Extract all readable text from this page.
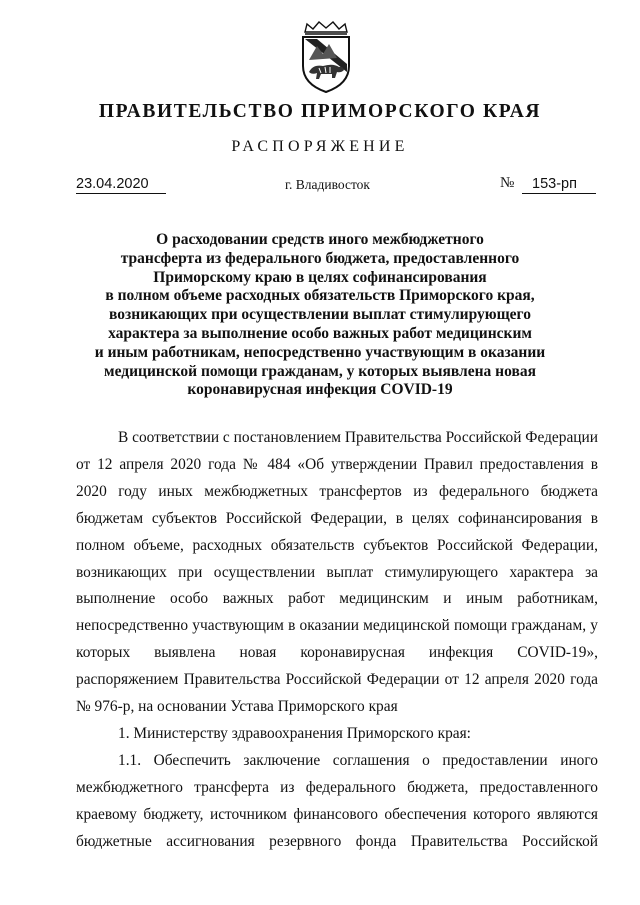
ПРАВИТЕЛЬСТВО ПРИМОРСКОГО КРАЯ
РАСПОРЯЖЕНИЕ
23.04.2020	г. Владивосток	№ 153-рп
О расходовании средств иного межбюджетного
трансферта из федерального бюджета, предоставленного
Приморскому краю в целях софинансирования
в полном объеме расходных обязательств Приморского края,
возникающих при осуществлении выплат стимулирующего
характера за выполнение особо важных работ медицинским
и иным работникам, непосредственно участвующим в оказании
медицинской помощи гражданам, у которых выявлена новая
коронавирусная инфекция COVID-19
В соответствии с постановлением Правительства Российской Федерации
от 12 апреля 2020 года № 484 «Об утверждении Правил предоставления в
2020 году иных межбюджетных трансфертов из федерального бюджета
бюджетам субъектов Российской Федерации, в целях софинансирования в
полном объеме, расходных обязательств субъектов Российской Федерации,
возникающих при осуществлении выплат стимулирующего характера за
выполнение особо важных работ медицинским и иным работникам,
непосредственно участвующим в оказании медицинской помощи гражданам, у
которых выявлена новая коронавирусная инфекция COVID-19»,
распоряжением Правительства Российской Федерации от 12 апреля 2020 года
№ 976-р, на основании Устава Приморского края
1. Министерству здравоохранения Приморского края:
1.1. Обеспечить заключение соглашения о предоставлении иного
межбюджетного трансферта из федерального бюджета, предоставленного
краевому бюджету, источником финансового обеспечения которого являются
бюджетные ассигнования резервного фонда Правительства Российской
